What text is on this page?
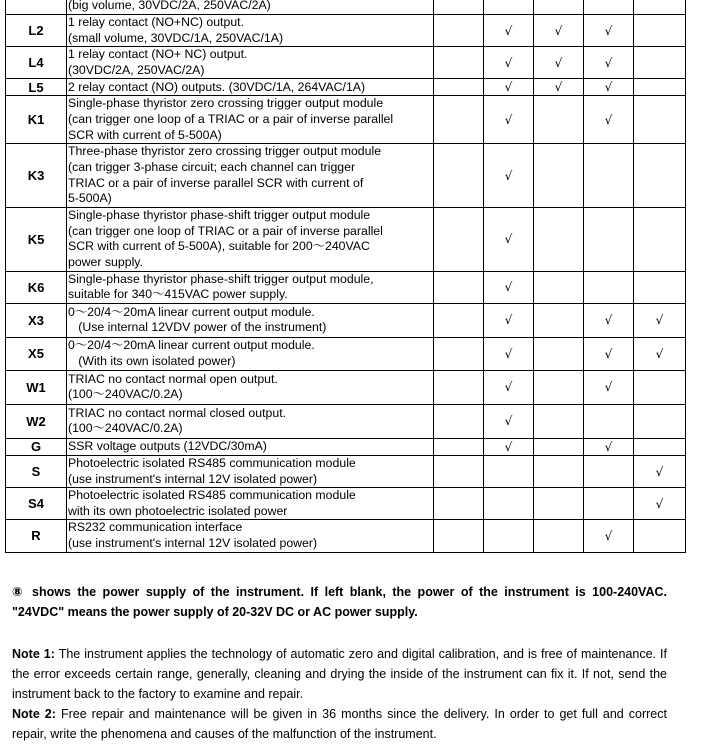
	(big volume, 30VDC/2A, 250VAC/2A)					

L2	1 relay contact (NO+NC) output.
(small volume, 30VDC/1A, 250VAC/1A)		√	√	√	
L4	1 relay contact (NO+ NC) output.
(30VDC/2A, 250VAC/2A)		√	√	√	
L5	2 relay contact (NO) outputs. (30VDC/1A, 264VAC/1A)		√	√	√	
K1	Single-phase thyristor zero crossing trigger output module
(can trigger one loop of a TRIAC or a pair of inverse parallel
SCR with current of 5-500A)		√		√	
K3	Three-phase thyristor zero crossing trigger output module
(can trigger 3-phase circuit; each channel can trigger
TRIAC or a pair of inverse parallel SCR with current of
5-500A)		√			
K5	Single-phase thyristor phase-shift trigger output module
(can trigger one loop of TRIAC or a pair of inverse parallel
SCR with current of 5-500A), suitable for 200～240VAC
power supply.		√			
K6	Single-phase thyristor phase-shift trigger output module,
suitable for 340～415VAC power supply.		√			
X3	0～20/4～20mA linear current output module.
(Use internal 12VDV power of the instrument)		√		√	√
X5	0～20/4～20mA linear current output module.
(With its own isolated power)		√		√	√
W1	TRIAC no contact normal open output.
(100～240VAC/0.2A)		√		√	
W2	TRIAC no contact normal closed output.
(100～240VAC/0.2A)		√			
G	SSR voltage outputs (12VDC/30mA)		√		√	
S	Photoelectric isolated RS485 communication module
(use instrument's internal 12V isolated power)					√
S4	Photoelectric isolated RS485 communication module
with its own photoelectric isolated power					√
R	RS232 communication interface
(use instrument's internal 12V isolated power)				√	
⑧ shows the power supply of the instrument. If left blank, the power of the instrument is 100-240VAC. "24VDC" means the power supply of 20-32V DC or AC power supply.
Note 1: The instrument applies the technology of automatic zero and digital calibration, and is free of maintenance. If the error exceeds certain range, generally, cleaning and drying the inside of the instrument can fix it. If not, send the instrument back to the factory to examine and repair.
Note 2: Free repair and maintenance will be given in 36 months since the delivery. In order to get full and correct repair, write the phenomena and causes of the malfunction of the instrument.
